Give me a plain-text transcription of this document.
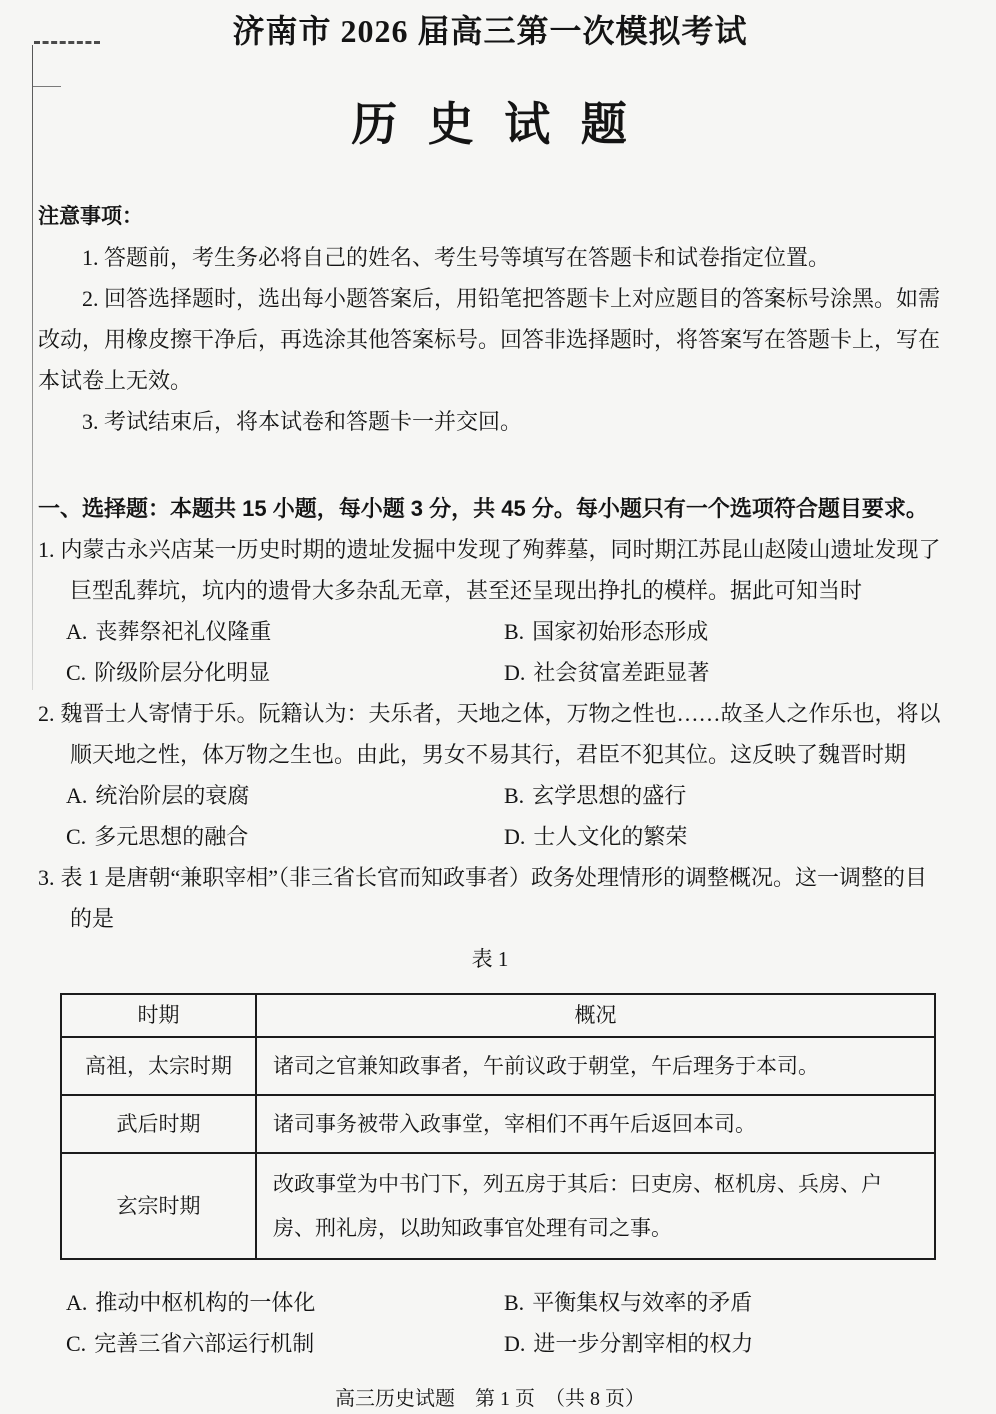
济南市 2026 届高三第一次模拟考试
历 史 试 题
注意事项：

1. 答题前，考生务必将自己的姓名、考生号等填写在答题卡和试卷指定位置。

2. 回答选择题时，选出每小题答案后，用铅笔把答题卡上对应题目的答案标号涂黑。如需改动，用橡皮擦干净后，再选涂其他答案标号。回答非选择题时，将答案写在答题卡上，写在本试卷上无效。

3. 考试结束后，将本试卷和答题卡一并交回。

一、选择题：本题共 15 小题，每小题 3 分，共 45 分。每小题只有一个选项符合题目要求。

1. 内蒙古永兴店某一历史时期的遗址发掘中发现了殉葬墓，同时期江苏昆山赵陵山遗址发现了巨型乱葬坑，坑内的遗骨大多杂乱无章，甚至还呈现出挣扎的模样。据此可知当时

A. 丧葬祭祀礼仪隆重	B. 国家初始形态形成
C. 阶级阶层分化明显	D. 社会贫富差距显著

2. 魏晋士人寄情于乐。阮籍认为：夫乐者，天地之体，万物之性也……故圣人之作乐也，将以顺天地之性，体万物之生也。由此，男女不易其行，君臣不犯其位。这反映了魏晋时期

A. 统治阶层的衰腐	B. 玄学思想的盛行
C. 多元思想的融合	D. 士人文化的繁荣

3. 表 1 是唐朝“兼职宰相”（非三省长官而知政事者）政务处理情形的调整概况。这一调整的目的是

表 1

时期	概况
高祖，太宗时期	诸司之官兼知政事者，午前议政于朝堂，午后理务于本司。
武后时期	诸司事务被带入政事堂，宰相们不再午后返回本司。
玄宗时期	改政事堂为中书门下，列五房于其后：曰吏房、枢机房、兵房、户房、刑礼房，以助知政事官处理有司之事。
A. 推动中枢机构的一体化	B. 平衡集权与效率的矛盾
C. 完善三省六部运行机制	D. 进一步分割宰相的权力
高三历史试题　第 1 页　（共 8 页）
